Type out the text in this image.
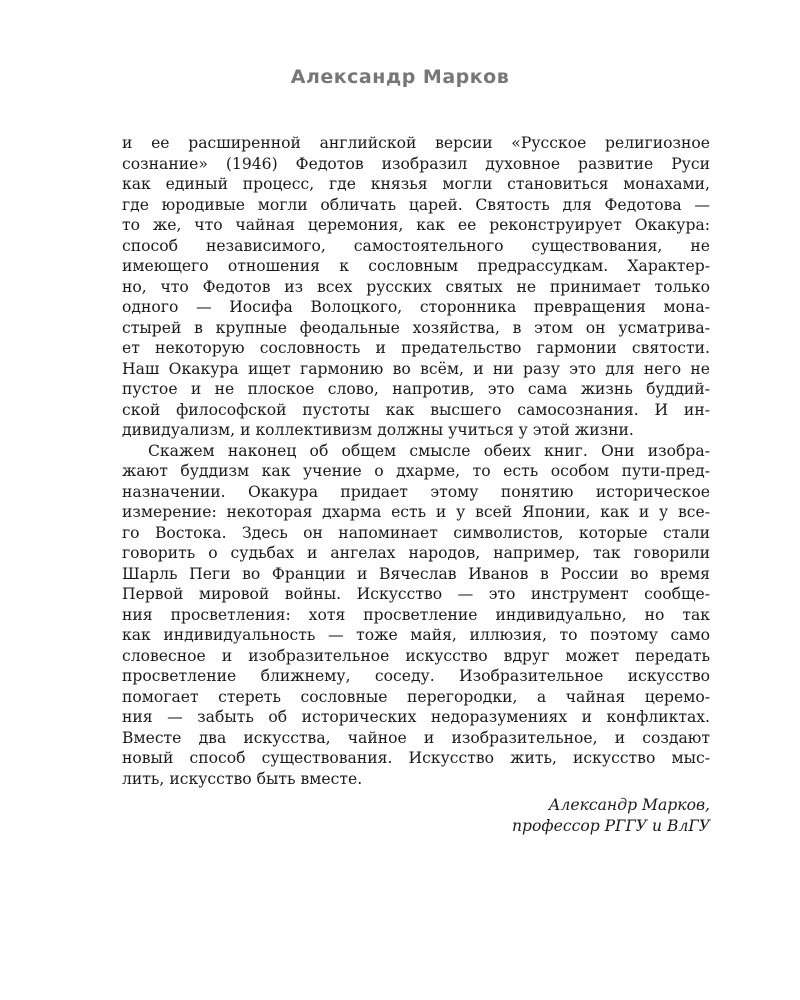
Александр Марков

и ее расширенной английской версии «Русское религиозное
сознание» (1946) Федотов изобразил духовное развитие Руси
как единый процесс, где князья могли становиться монахами,
где юродивые могли обличать царей. Святость для Федотова —
то же, что чайная церемония, как ее реконструирует Окакура:
способ независимого, самостоятельного существования, не
имеющего отношения к сословным предрассудкам. Характер-
но, что Федотов из всех русских святых не принимает только
одного — Иосифа Волоцкого, сторонника превращения мона-
стырей в крупные феодальные хозяйства, в этом он усматрива-
ет некоторую сословность и предательство гармонии святости.
Наш Окакура ищет гармонию во всём, и ни разу это для него не
пустое и не плоское слово, напротив, это сама жизнь буддий-
ской философской пустоты как высшего самосознания. И ин-
дивидуализм, и коллективизм должны учиться у этой жизни.

Скажем наконец об общем смысле обеих книг. Они изобра-
жают буддизм как учение о дхарме, то есть особом пути-пред-
назначении. Окакура придает этому понятию историческое
измерение: некоторая дхарма есть и у всей Японии, как и у все-
го Востока. Здесь он напоминает символистов, которые стали
говорить о судьбах и ангелах народов, например, так говорили
Шарль Пеги во Франции и Вячеслав Иванов в России во время
Первой мировой войны. Искусство — это инструмент сообще-
ния просветления: хотя просветление индивидуально, но так
как индивидуальность — тоже майя, иллюзия, то поэтому само
словесное и изобразительное искусство вдруг может передать
просветление ближнему, соседу. Изобразительное искусство
помогает стереть сословные перегородки, а чайная церемо-
ния — забыть об исторических недоразумениях и конфликтах.
Вместе два искусства, чайное и изобразительное, и создают
новый способ существования. Искусство жить, искусство мыс-
лить, искусство быть вместе.

Александр Марков,
профессор РГГУ и ВлГУ
